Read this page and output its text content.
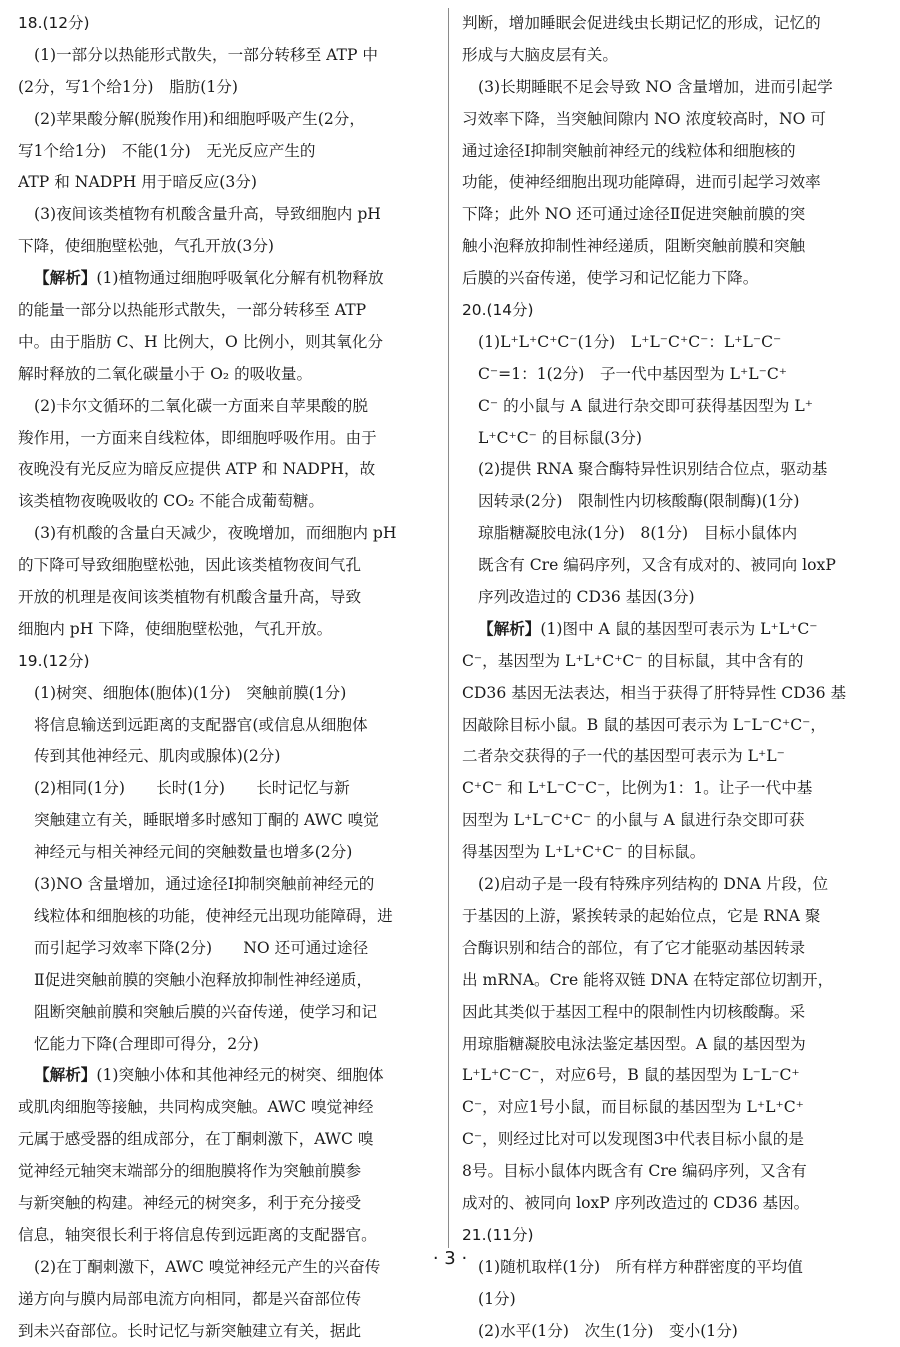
18.(12分)
(1)一部分以热能形式散失，一部分转移至 ATP 中
(2分，写1个给1分)　脂肪(1分)
(2)苹果酸分解(脱羧作用)和细胞呼吸产生(2分，
写1个给1分)　不能(1分)　无光反应产生的
ATP 和 NADPH 用于暗反应(3分)
(3)夜间该类植物有机酸含量升高，导致细胞内 pH
下降，使细胞壁松弛，气孔开放(3分)
【解析】(1)植物通过细胞呼吸氧化分解有机物释放
的能量一部分以热能形式散失，一部分转移至 ATP
中。由于脂肪 C、H 比例大，O 比例小，则其氧化分
解时释放的二氧化碳量小于 O₂ 的吸收量。
(2)卡尔文循环的二氧化碳一方面来自苹果酸的脱
羧作用，一方面来自线粒体，即细胞呼吸作用。由于
夜晚没有光反应为暗反应提供 ATP 和 NADPH，故
该类植物夜晚吸收的 CO₂ 不能合成葡萄糖。
(3)有机酸的含量白天减少，夜晚增加，而细胞内 pH
的下降可导致细胞壁松弛，因此该类植物夜间气孔
开放的机理是夜间该类植物有机酸含量升高，导致
细胞内 pH 下降，使细胞壁松弛，气孔开放。
19.(12分)
(1)树突、细胞体(胞体)(1分)　突触前膜(1分)
将信息输送到远距离的支配器官(或信息从细胞体
传到其他神经元、肌肉或腺体)(2分)
(2)相同(1分)　　长时(1分)　　长时记忆与新
突触建立有关，睡眠增多时感知丁酮的 AWC 嗅觉
神经元与相关神经元间的突触数量也增多(2分)
(3)NO 含量增加，通过途径Ⅰ抑制突触前神经元的
线粒体和细胞核的功能，使神经元出现功能障碍，进
而引起学习效率下降(2分)　　NO 还可通过途径
Ⅱ促进突触前膜的突触小泡释放抑制性神经递质，
阻断突触前膜和突触后膜的兴奋传递，使学习和记
忆能力下降(合理即可得分，2分)
【解析】(1)突触小体和其他神经元的树突、细胞体
或肌肉细胞等接触，共同构成突触。AWC 嗅觉神经
元属于感受器的组成部分，在丁酮刺激下，AWC 嗅
觉神经元轴突末端部分的细胞膜将作为突触前膜参
与新突触的构建。神经元的树突多，利于充分接受
信息，轴突很长利于将信息传到远距离的支配器官。
(2)在丁酮刺激下，AWC 嗅觉神经元产生的兴奋传
递方向与膜内局部电流方向相同，都是兴奋部位传
到未兴奋部位。长时记忆与新突触建立有关，据此
判断，增加睡眠会促进线虫长期记忆的形成，记忆的
形成与大脑皮层有关。
(3)长期睡眠不足会导致 NO 含量增加，进而引起学
习效率下降，当突触间隙内 NO 浓度较高时，NO 可
通过途径Ⅰ抑制突触前神经元的线粒体和细胞核的
功能，使神经细胞出现功能障碍，进而引起学习效率
下降；此外 NO 还可通过途径Ⅱ促进突触前膜的突
触小泡释放抑制性神经递质，阻断突触前膜和突触
后膜的兴奋传递，使学习和记忆能力下降。
20.(14分)
(1)L⁺L⁺C⁺C⁻(1分)　L⁺L⁻C⁺C⁻：L⁺L⁻C⁻
C⁻=1：1(2分)　子一代中基因型为 L⁺L⁻C⁺
C⁻ 的小鼠与 A 鼠进行杂交即可获得基因型为 L⁺
L⁺C⁺C⁻ 的目标鼠(3分)
(2)提供 RNA 聚合酶特异性识别结合位点，驱动基
因转录(2分)　限制性内切核酸酶(限制酶)(1分)
琼脂糖凝胶电泳(1分)　8(1分)　目标小鼠体内
既含有 Cre 编码序列，又含有成对的、被同向 loxP
序列改造过的 CD36 基因(3分)
【解析】(1)图中 A 鼠的基因型可表示为 L⁺L⁺C⁻
C⁻，基因型为 L⁺L⁺C⁺C⁻ 的目标鼠，其中含有的
CD36 基因无法表达，相当于获得了肝特异性 CD36 基
因敲除目标小鼠。B 鼠的基因可表示为 L⁻L⁻C⁺C⁻，
二者杂交获得的子一代的基因型可表示为 L⁺L⁻
C⁺C⁻ 和 L⁺L⁻C⁻C⁻，比例为1：1。让子一代中基
因型为 L⁺L⁻C⁺C⁻ 的小鼠与 A 鼠进行杂交即可获
得基因型为 L⁺L⁺C⁺C⁻ 的目标鼠。
(2)启动子是一段有特殊序列结构的 DNA 片段，位
于基因的上游，紧挨转录的起始位点，它是 RNA 聚
合酶识别和结合的部位，有了它才能驱动基因转录
出 mRNA。Cre 能将双链 DNA 在特定部位切割开，
因此其类似于基因工程中的限制性内切核酸酶。采
用琼脂糖凝胶电泳法鉴定基因型。A 鼠的基因型为
L⁺L⁺C⁻C⁻，对应6号，B 鼠的基因型为 L⁻L⁻C⁺
C⁻，对应1号小鼠，而目标鼠的基因型为 L⁺L⁺C⁺
C⁻，则经过比对可以发现图3中代表目标小鼠的是
8号。目标小鼠体内既含有 Cre 编码序列，又含有
成对的、被同向 loxP 序列改造过的 CD36 基因。
21.(11分)
(1)随机取样(1分)　所有样方种群密度的平均值
(1分)
(2)水平(1分)　次生(1分)　变小(1分)
· 3 ·
